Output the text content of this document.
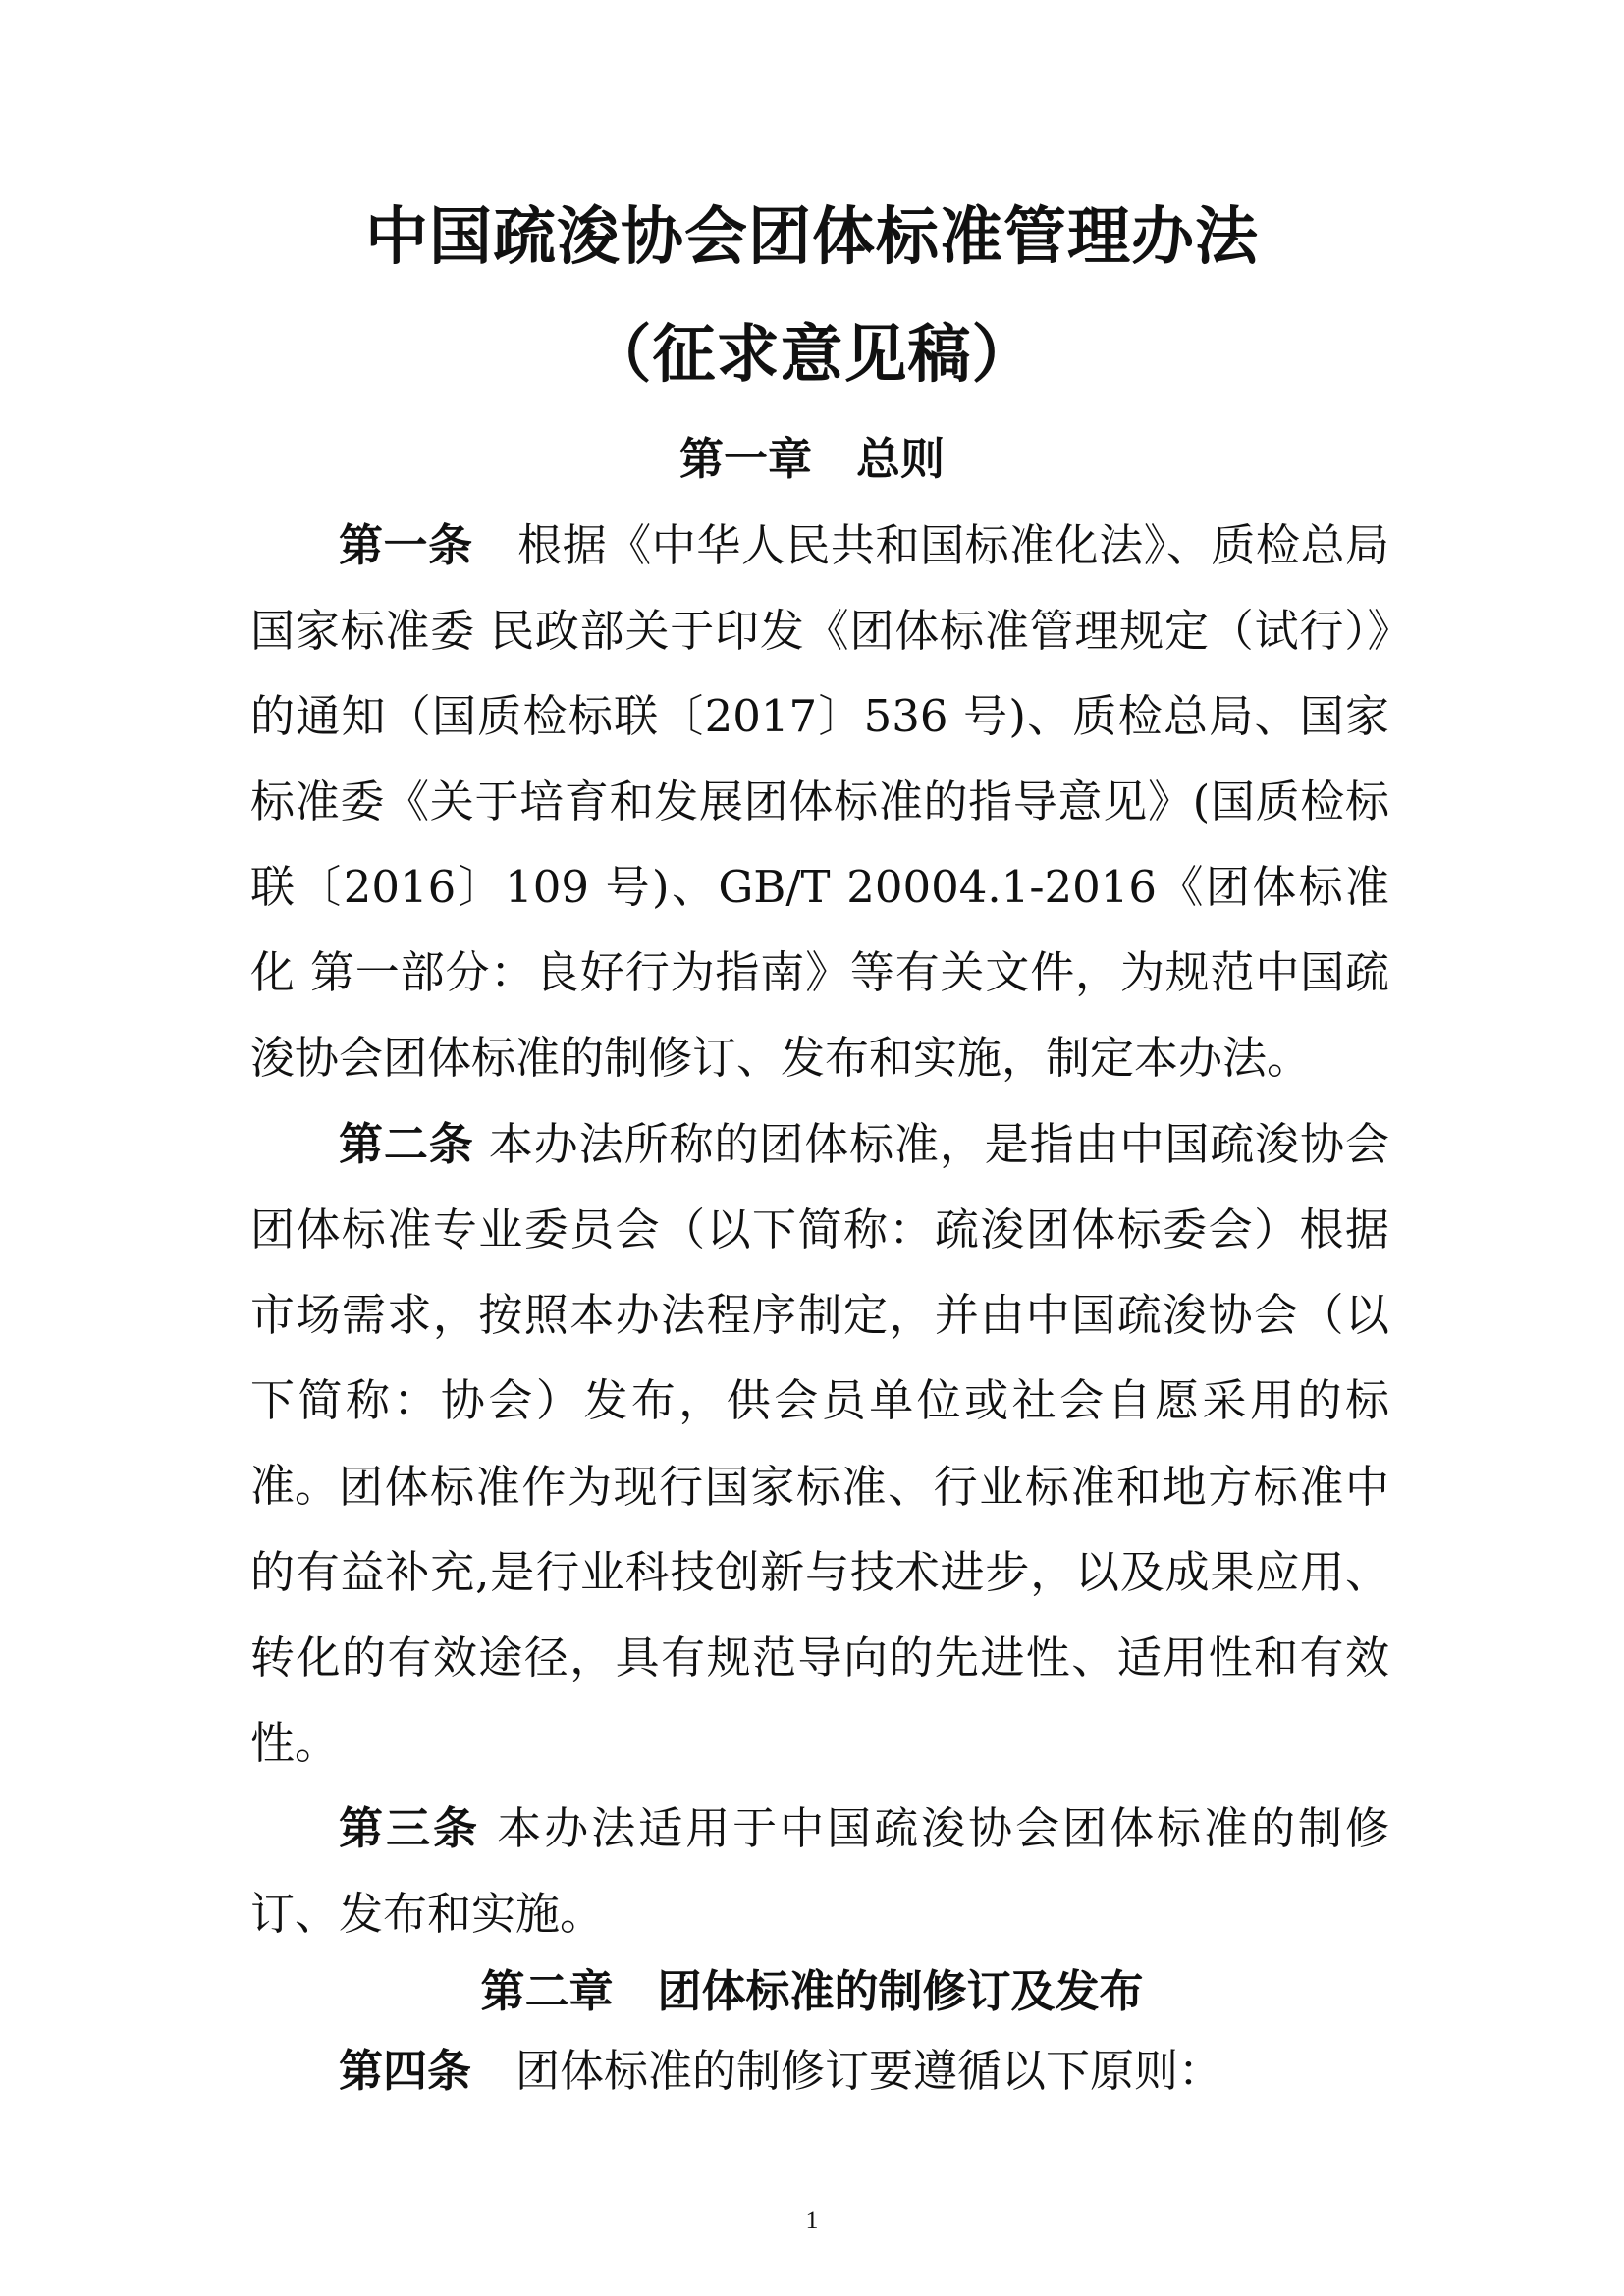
中国疏浚协会团体标准管理办法
（征求意见稿）
第一章　总则

第一条　根据《中华人民共和国标准化法》、质检总局 国家标准委 民政部关于印发《团体标准管理规定（试行）》的通知（国质检标联〔2017〕536 号)、质检总局、国家标准委《关于培育和发展团体标准的指导意见》(国质检标联〔2016〕109 号)、GB/T 20004.1-2016《团体标准化 第一部分：良好行为指南》等有关文件，为规范中国疏浚协会团体标准的制修订、发布和实施，制定本办法。

第二条 本办法所称的团体标准，是指由中国疏浚协会团体标准专业委员会（以下简称：疏浚团体标委会）根据市场需求，按照本办法程序制定，并由中国疏浚协会（以下简称：协会）发布，供会员单位或社会自愿采用的标准。 团体标准作为现行国家标准、行业标准和地方标准中的有益补充,是行业科技创新与技术进步，以及成果应用、转化的有效途径，具有规范导向的先进性、适用性和有效性。

第三条 本办法适用于中国疏浚协会团体标准的制修订、发布和实施。

第二章　团体标准的制修订及发布

第四条　团体标准的制修订要遵循以下原则：

1
